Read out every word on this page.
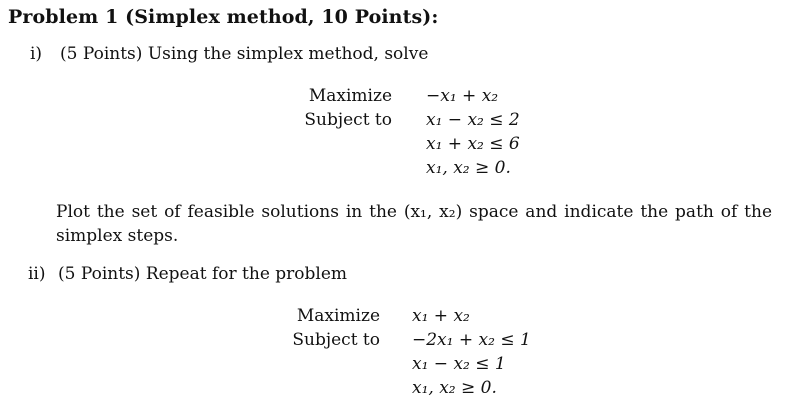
Problem 1 (Simplex method, 10 Points):
i) (5 Points) Using the simplex method, solve
Maximize
Subject to
−x₁ + x₂
x₁ − x₂ ≤ 2
x₁ + x₂ ≤ 6
x₁, x₂ ≥ 0.
Plot the set of feasible solutions in the (x₁, x₂) space and indicate the path of the simplex steps.
ii) (5 Points) Repeat for the problem
Maximize
Subject to
x₁ + x₂
−2x₁ + x₂ ≤ 1
x₁ − x₂ ≤ 1
x₁, x₂ ≥ 0.
